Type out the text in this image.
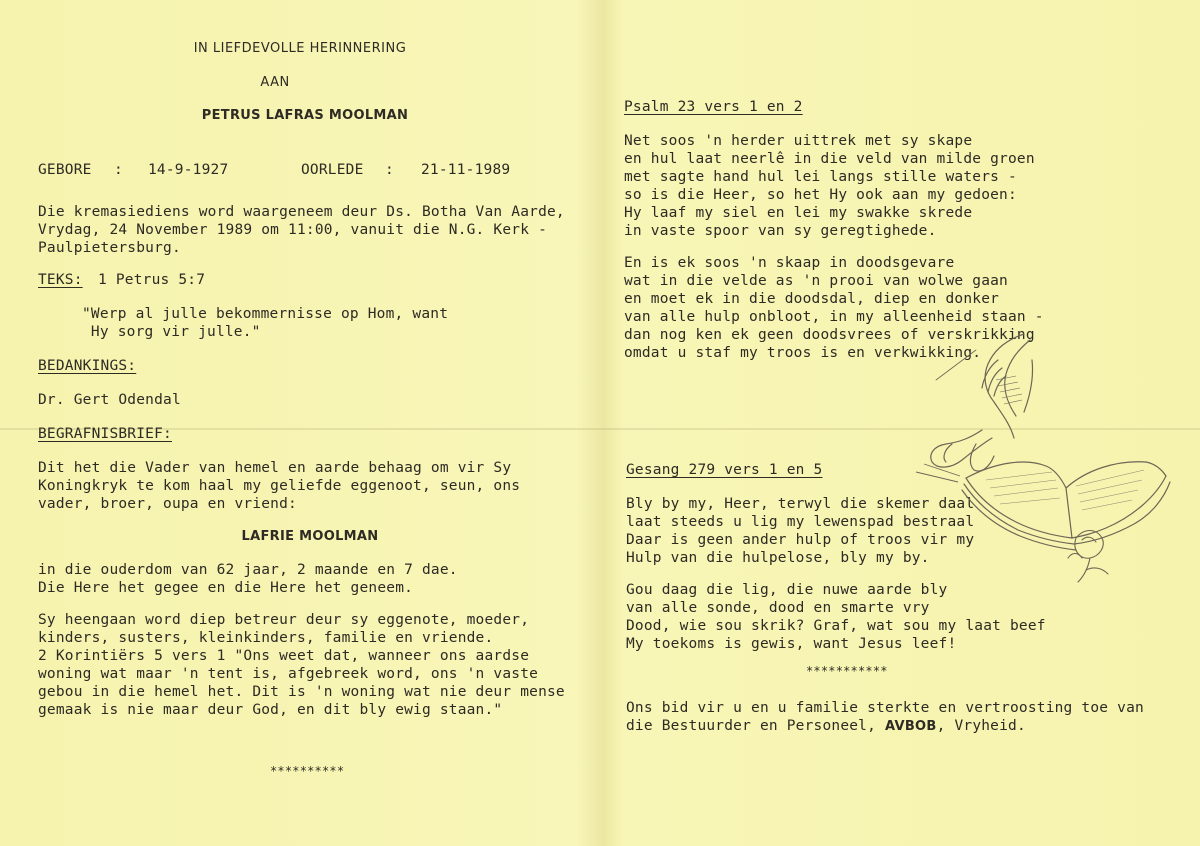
IN LIEFDEVOLLE HERINNERING
AAN
PETRUS LAFRAS MOOLMAN
GEBORE : 14-9-1927	OORLEDE : 21-11-1989
Die kremasiediens word waargeneem deur Ds. Botha Van Aarde,
Vrydag, 24 November 1989 om 11:00, vanuit die N.G. Kerk -
Paulpietersburg.
TEKS: 1 Petrus 5:7
"Werp al julle bekommernisse op Hom, want
Hy sorg vir julle."
BEDANKINGS:
Dr. Gert Odendal
BEGRAFNISBRIEF:
Dit het die Vader van hemel en aarde behaag om vir Sy
Koningkryk te kom haal my geliefde eggenoot, seun, ons
vader, broer, oupa en vriend:
LAFRIE MOOLMAN
in die ouderdom van 62 jaar, 2 maande en 7 dae.
Die Here het gegee en die Here het geneem.
Sy heengaan word diep betreur deur sy eggenote, moeder,
kinders, susters, kleinkinders, familie en vriende.
2 Korintiërs 5 vers 1 "Ons weet dat, wanneer ons aardse
woning wat maar 'n tent is, afgebreek word, ons 'n vaste
gebou in die hemel het. Dit is 'n woning wat nie deur mense
gemaak is nie maar deur God, en dit bly ewig staan."
**********
Psalm 23 vers 1 en 2
Net soos 'n herder uittrek met sy skape
en hul laat neerlê in die veld van milde groen
met sagte hand hul lei langs stille waters -
so is die Heer, so het Hy ook aan my gedoen:
Hy laaf my siel en lei my swakke skrede
in vaste spoor van sy geregtighede.
En is ek soos 'n skaap in doodsgevare
wat in die velde as 'n prooi van wolwe gaan
en moet ek in die doodsdal, diep en donker
van alle hulp onbloot, in my alleenheid staan -
dan nog ken ek geen doodsvrees of verskrikking
omdat u staf my troos is en verkwikking.
Gesang 279 vers 1 en 5
Bly by my, Heer, terwyl die skemer daal
laat steeds u lig my lewenspad bestraal
Daar is geen ander hulp of troos vir my
Hulp van die hulpelose, bly my by.
Gou daag die lig, die nuwe aarde bly
van alle sonde, dood en smarte vry
Dood, wie sou skrik? Graf, wat sou my laat beef
My toekoms is gewis, want Jesus leef!
***********
Ons bid vir u en u familie sterkte en vertroosting toe van
die Bestuurder en Personeel, AVBOB, Vryheid.
